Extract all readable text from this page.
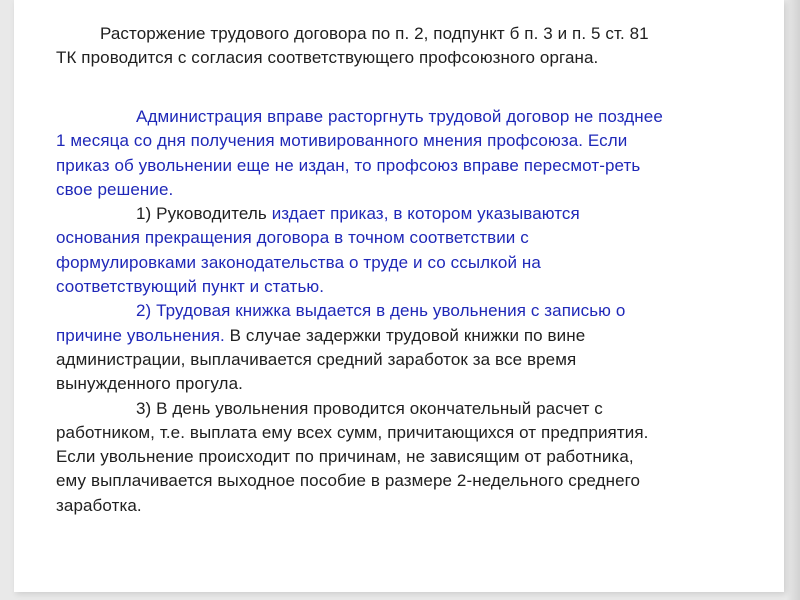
Расторжение трудового договора по п. 2, подпункт б п. 3 и п. 5 ст. 81
ТК проводится с согласия соответствующего профсоюзного органа.
Администрация вправе расторгнуть трудовой договор не позднее
1 месяца со дня получения мотивированного мнения профсоюза. Если
приказ об увольнении еще не издан, то профсоюз вправе пересмот-реть
свое решение.
1) Руководитель издает приказ, в котором указываются
основания прекращения договора в точном соответствии с
формулировками законодательства о труде и со ссылкой на
соответствующий пункт и статью.
2) Трудовая книжка выдается в день увольнения с записью о
причине увольнения. В случае задержки трудовой книжки по вине
администрации, выплачивается средний заработок за все время
вынужденного прогула.
3) В день увольнения проводится окончательный расчет с
работником, т.е. выплата ему всех сумм, причитающихся от предприятия.
Если увольнение происходит по причинам, не зависящим от работника,
ему выплачивается выходное пособие в размере 2-недельного среднего
заработка.
